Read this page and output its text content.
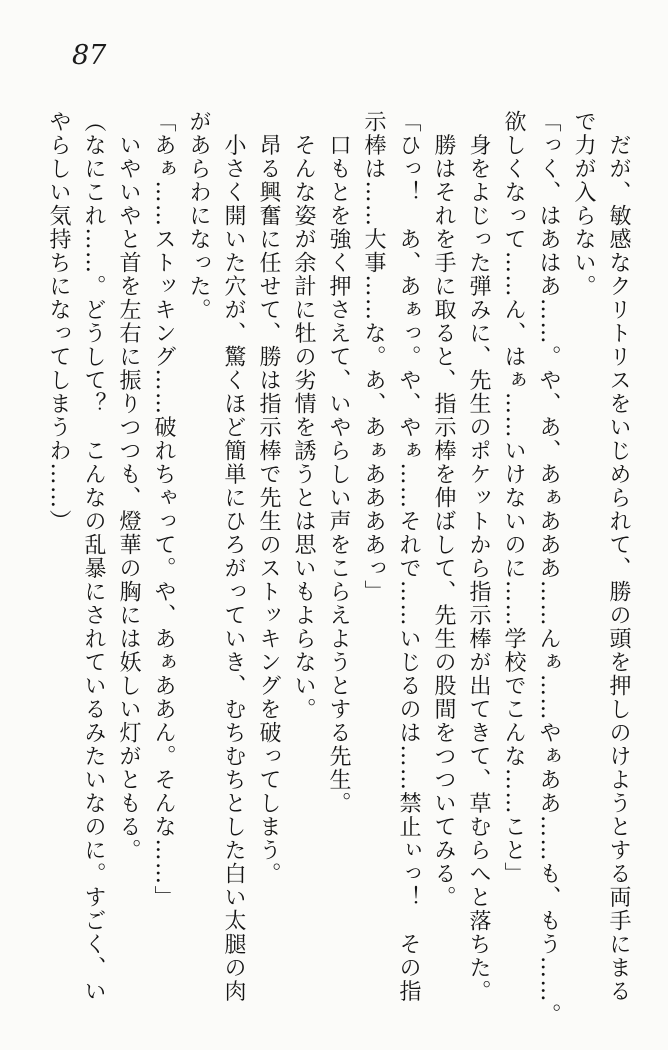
87
　だが、敏感なクリトリスをいじめられて、勝の頭を押しのけようとする両手にまる
で力が入らない。
「っく、はあはあ……。や、あ、あぁあああ……んぁ……やぁああ……も、もう……。
欲しくなって……ん、はぁ……いけないのに……学校でこんな……こと」
　身をよじった弾みに、先生のポケットから指示棒が出てきて、草むらへと落ちた。
　勝はそれを手に取ると、指示棒を伸ばして、先生の股間をつついてみる。
「ひっ！　あ、あぁっ。や、やぁ……それで……いじるのは……禁止ぃっ！　その指
示棒は……大事……な。あ、あぁああああっ」
　口もとを強く押さえて、いやらしい声をこらえようとする先生。
　そんな姿が余計に牡の劣情を誘うとは思いもよらない。
　昂る興奮に任せて、勝は指示棒で先生のストッキングを破ってしまう。
　小さく開いた穴が、驚くほど簡単にひろがっていき、むちむちとした白い太腿の肉
があらわになった。
「あぁ……ストッキング……破れちゃって。や、あぁああん。そんな……」
　いやいやと首を左右に振りつつも、燈華の胸には妖しい灯がともる。
（なにこれ……。どうして？　こんなの乱暴にされているみたいなのに。すごく、い
やらしい気持ちになってしまうわ……）
